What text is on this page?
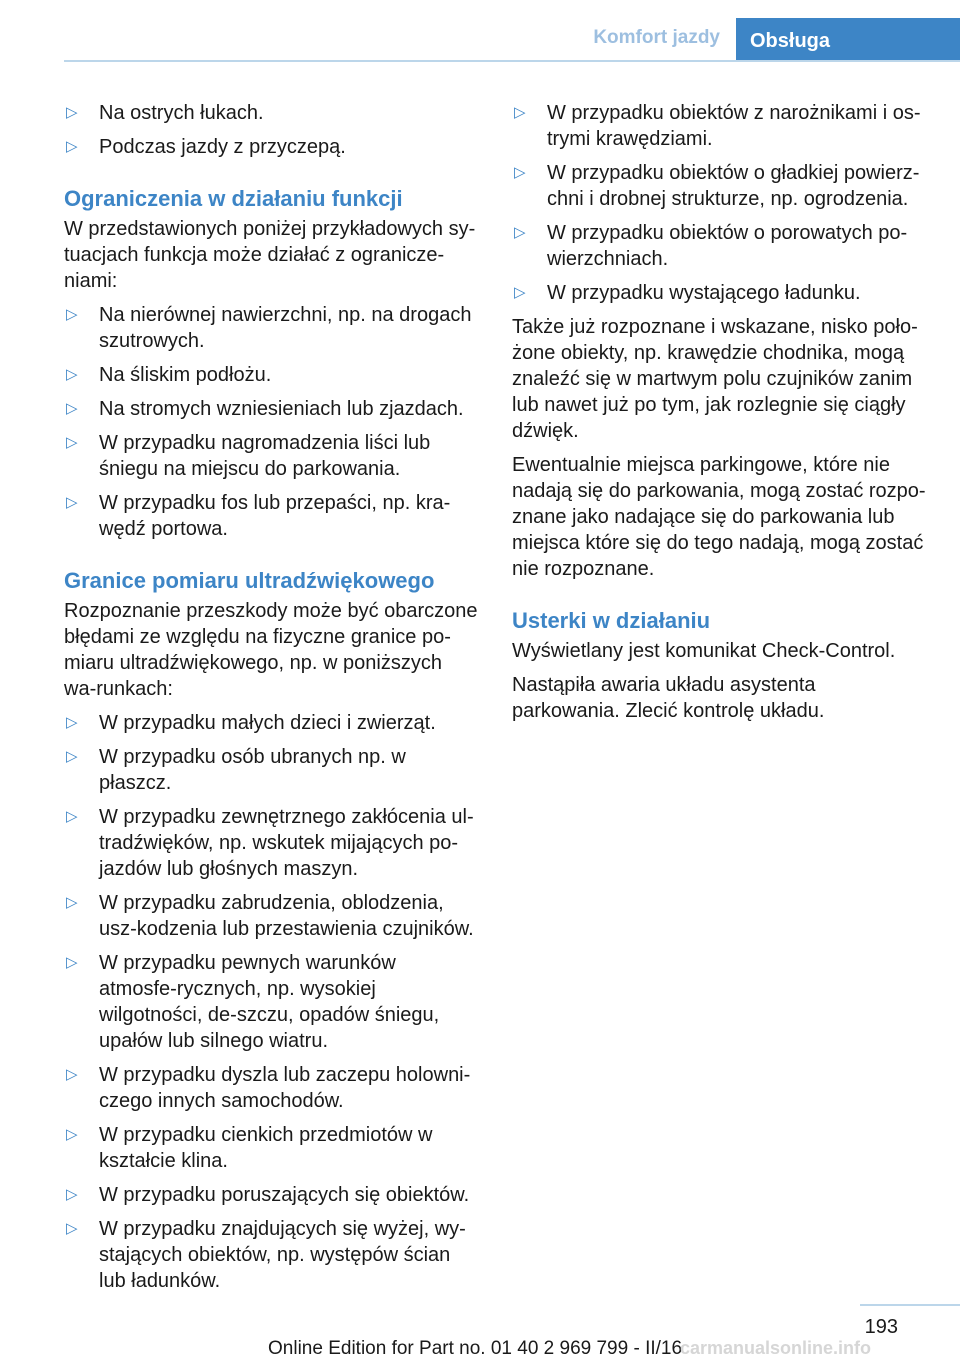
Komfort jazdy	Obsługa
▷ Na ostrych łukach.
▷ Podczas jazdy z przyczepą.
Ograniczenia w działaniu funkcji

W przedstawionych poniżej przykładowych sy‐tuacjach funkcja może działać z ogranicze‐niami:

▷ Na nierównej nawierzchni, np. na drogach szutrowych.
▷ Na śliskim podłożu.
▷ Na stromych wzniesieniach lub zjazdach.
▷ W przypadku nagromadzenia liści lub śniegu na miejscu do parkowania.
▷ W przypadku fos lub przepaści, np. kra‐wędź portowa.
Granice pomiaru ultradźwiękowego

Rozpoznanie przeszkody może być obarczone błędami ze względu na fizyczne granice po‐miaru ultradźwiękowego, np. w poniższych wa‐runkach:

▷ W przypadku małych dzieci i zwierząt.
▷ W przypadku osób ubranych np. w płaszcz.
▷ W przypadku zewnętrznego zakłócenia ul‐tradźwięków, np. wskutek mijających po‐jazdów lub głośnych maszyn.
▷ W przypadku zabrudzenia, oblodzenia, usz‐kodzenia lub przestawienia czujników.
▷ W przypadku pewnych warunków atmosfe‐rycznych, np. wysokiej wilgotności, de‐szczu, opadów śniegu, upałów lub silnego wiatru.
▷ W przypadku dyszla lub zaczepu holowni‐czego innych samochodów.
▷ W przypadku cienkich przedmiotów w kształcie klina.
▷ W przypadku poruszających się obiektów.
▷ W przypadku znajdujących się wyżej, wy‐stających obiektów, np. występów ścian lub ładunków.
▷ W przypadku obiektów z narożnikami i os‐trymi krawędziami.
▷ W przypadku obiektów o gładkiej powierz‐chni i drobnej strukturze, np. ogrodzenia.
▷ W przypadku obiektów o porowatych po‐wierzchniach.
▷ W przypadku wystającego ładunku.

Także już rozpoznane i wskazane, nisko poło‐żone obiekty, np. krawędzie chodnika, mogą znaleźć się w martwym polu czujników zanim lub nawet już po tym, jak rozlegnie się ciągły dźwięk.

Ewentualnie miejsca parkingowe, które nie nadają się do parkowania, mogą zostać rozpo‐znane jako nadające się do parkowania lub miejsca które się do tego nadają, mogą zostać nie rozpoznane.

Usterki w działaniu

Wyświetlany jest komunikat Check-Control.

Nastąpiła awaria układu asystenta parkowania. Zlecić kontrolę układu.

193
Online Edition for Part no. 01 40 2 969 799 - II/16
carmanualsonline.info
